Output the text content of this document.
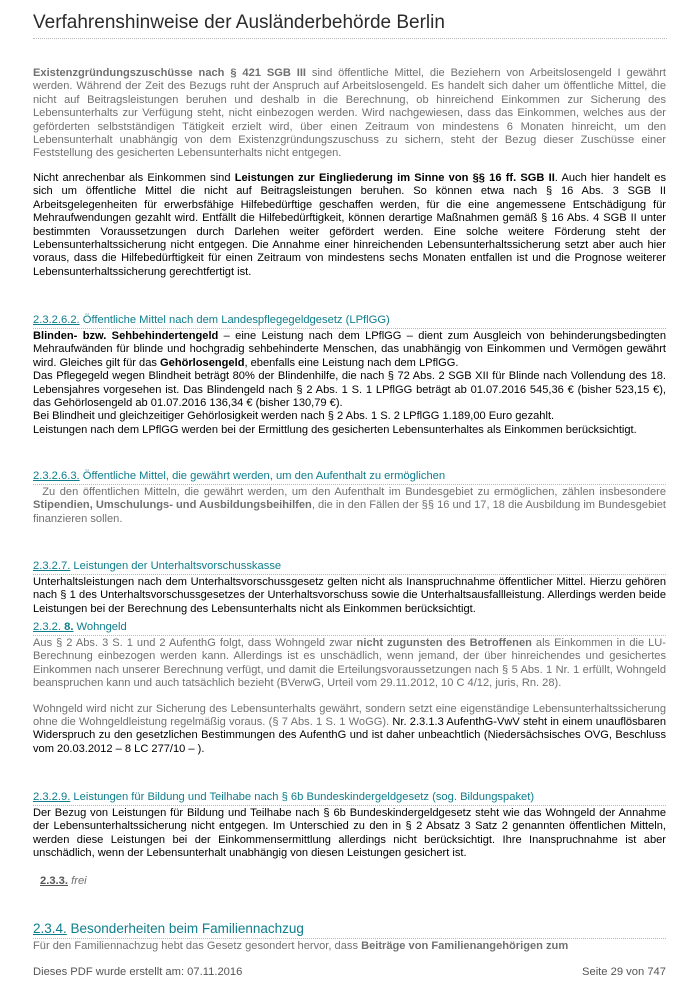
Verfahrenshinweise der Ausländerbehörde Berlin

Existenzgründungszuschüsse nach § 421 SGB III sind öffentliche Mittel, die Beziehern von Arbeitslosengeld I gewährt werden. Während der Zeit des Bezugs ruht der Anspruch auf Arbeitslosengeld. Es handelt sich daher um öffentliche Mittel, die nicht auf Beitragsleistungen beruhen und deshalb in die Berechnung, ob hinreichend Einkommen zur Sicherung des Lebensunterhalts zur Verfügung steht, nicht einbezogen werden. Wird nachgewiesen, dass das Einkommen, welches aus der geförderten selbstständigen Tätigkeit erzielt wird, über einen Zeitraum von mindestens 6 Monaten hinreicht, um den Lebensunterhalt unabhängig von dem Existenzgründungszuschuss zu sichern, steht der Bezug dieser Zuschüsse einer Feststellung des gesicherten Lebensunterhalts nicht entgegen.

Nicht anrechenbar als Einkommen sind Leistungen zur Eingliederung im Sinne von §§ 16 ff. SGB II. Auch hier handelt es sich um öffentliche Mittel die nicht auf Beitragsleistungen beruhen. So können etwa nach § 16 Abs. 3 SGB II Arbeitsgelegenheiten für erwerbsfähige Hilfebedürftige geschaffen werden, für die eine angemessene Entschädigung für Mehraufwendungen gezahlt wird. Entfällt die Hilfebedürftigkeit, können derartige Maßnahmen gemäß § 16 Abs. 4 SGB II unter bestimmten Voraussetzungen durch Darlehen weiter gefördert werden. Eine solche weitere Förderung steht der Lebensunterhaltssicherung nicht entgegen. Die Annahme einer hinreichenden Lebensunterhaltssicherung setzt aber auch hier voraus, dass die Hilfebedürftigkeit für einen Zeitraum von mindestens sechs Monaten entfallen ist und die Prognose weiterer Lebensunterhaltssicherung gerechtfertigt ist.

2.3.2.6.2. Öffentliche Mittel nach dem Landespflegegeldgesetz (LPflGG)

Blinden- bzw. Sehbehindertengeld – eine Leistung nach dem LPflGG – dient zum Ausgleich von behinderungsbedingten Mehraufwänden für blinde und hochgradig sehbehinderte Menschen, das unabhängig von Einkommen und Vermögen gewährt wird. Gleiches gilt für das Gehörlosengeld, ebenfalls eine Leistung nach dem LPflGG.

Das Pflegegeld wegen Blindheit beträgt 80% der Blindenhilfe, die nach § 72 Abs. 2 SGB XII für Blinde nach Vollendung des 18. Lebensjahres vorgesehen ist. Das Blindengeld nach § 2 Abs. 1 S. 1 LPflGG beträgt ab 01.07.2016 545,36 € (bisher 523,15 €), das Gehörlosengeld ab 01.07.2016 136,34 € (bisher 130,79 €).

Bei Blindheit und gleichzeitiger Gehörlosigkeit werden nach § 2 Abs. 1 S. 2 LPflGG 1.189,00 Euro gezahlt.

Leistungen nach dem LPflGG werden bei der Ermittlung des gesicherten Lebensunterhaltes als Einkommen berücksichtigt.

2.3.2.6.3. Öffentliche Mittel, die gewährt werden, um den Aufenthalt zu ermöglichen

Zu den öffentlichen Mitteln, die gewährt werden, um den Aufenthalt im Bundesgebiet zu ermöglichen, zählen insbesondere Stipendien, Umschulungs- und Ausbildungsbeihilfen, die in den Fällen der §§ 16 und 17, 18 die Ausbildung im Bundesgebiet finanzieren sollen.

2.3.2.7. Leistungen der Unterhaltsvorschusskasse

Unterhaltsleistungen nach dem Unterhaltsvorschussgesetz gelten nicht als Inanspruchnahme öffentlicher Mittel. Hierzu gehören nach § 1 des Unterhaltsvorschussgesetzes der Unterhaltsvorschuss sowie die Unterhaltsausfallleistung. Allerdings werden beide Leistungen bei der Berechnung des Lebensunterhalts nicht als Einkommen berücksichtigt.

2.3.2. 8. Wohngeld

Aus § 2 Abs. 3 S. 1 und 2 AufenthG folgt, dass Wohngeld zwar nicht zugunsten des Betroffenen als Einkommen in die LU- Berechnung einbezogen werden kann. Allerdings ist es unschädlich, wenn jemand, der über hinreichendes und gesichertes Einkommen nach unserer Berechnung verfügt, und damit die Erteilungsvoraussetzungen nach § 5 Abs. 1 Nr. 1 erfüllt, Wohngeld beanspruchen kann und auch tatsächlich bezieht (BVerwG, Urteil vom 29.11.2012, 10 C 4/12, juris, Rn. 28).

Wohngeld wird nicht zur Sicherung des Lebensunterhalts gewährt, sondern setzt eine eigenständige Lebensunterhaltssicherung ohne die Wohngeldleistung regelmäßig voraus. (§ 7 Abs. 1 S. 1 WoGG). Nr. 2.3.1.3 AufenthG-VwV steht in einem unauflösbaren Widerspruch zu den gesetzlichen Bestimmungen des AufenthG und ist daher unbeachtlich (Niedersächsisches OVG, Beschluss vom 20.03.2012 – 8 LC 277/10 – ).

2.3.2.9. Leistungen für Bildung und Teilhabe nach § 6b Bundeskindergeldgesetz (sog. Bildungspaket)

Der Bezug von Leistungen für Bildung und Teilhabe nach § 6b Bundeskindergeldgesetz steht wie das Wohngeld der Annahme der Lebensunterhaltssicherung nicht entgegen. Im Unterschied zu den in § 2 Absatz 3 Satz 2 genannten öffentlichen Mitteln, werden diese Leistungen bei der Einkommensermittlung allerdings nicht berücksichtigt. Ihre Inanspruchnahme ist aber unschädlich, wenn der Lebensunterhalt unabhängig von diesen Leistungen gesichert ist.

2.3.3. frei

2.3.4. Besonderheiten beim Familiennachzug

Für den Familiennachzug hebt das Gesetz gesondert hervor, dass Beiträge von Familienangehörigen zum

Dieses PDF wurde erstellt am: 07.11.2016	Seite 29 von 747
